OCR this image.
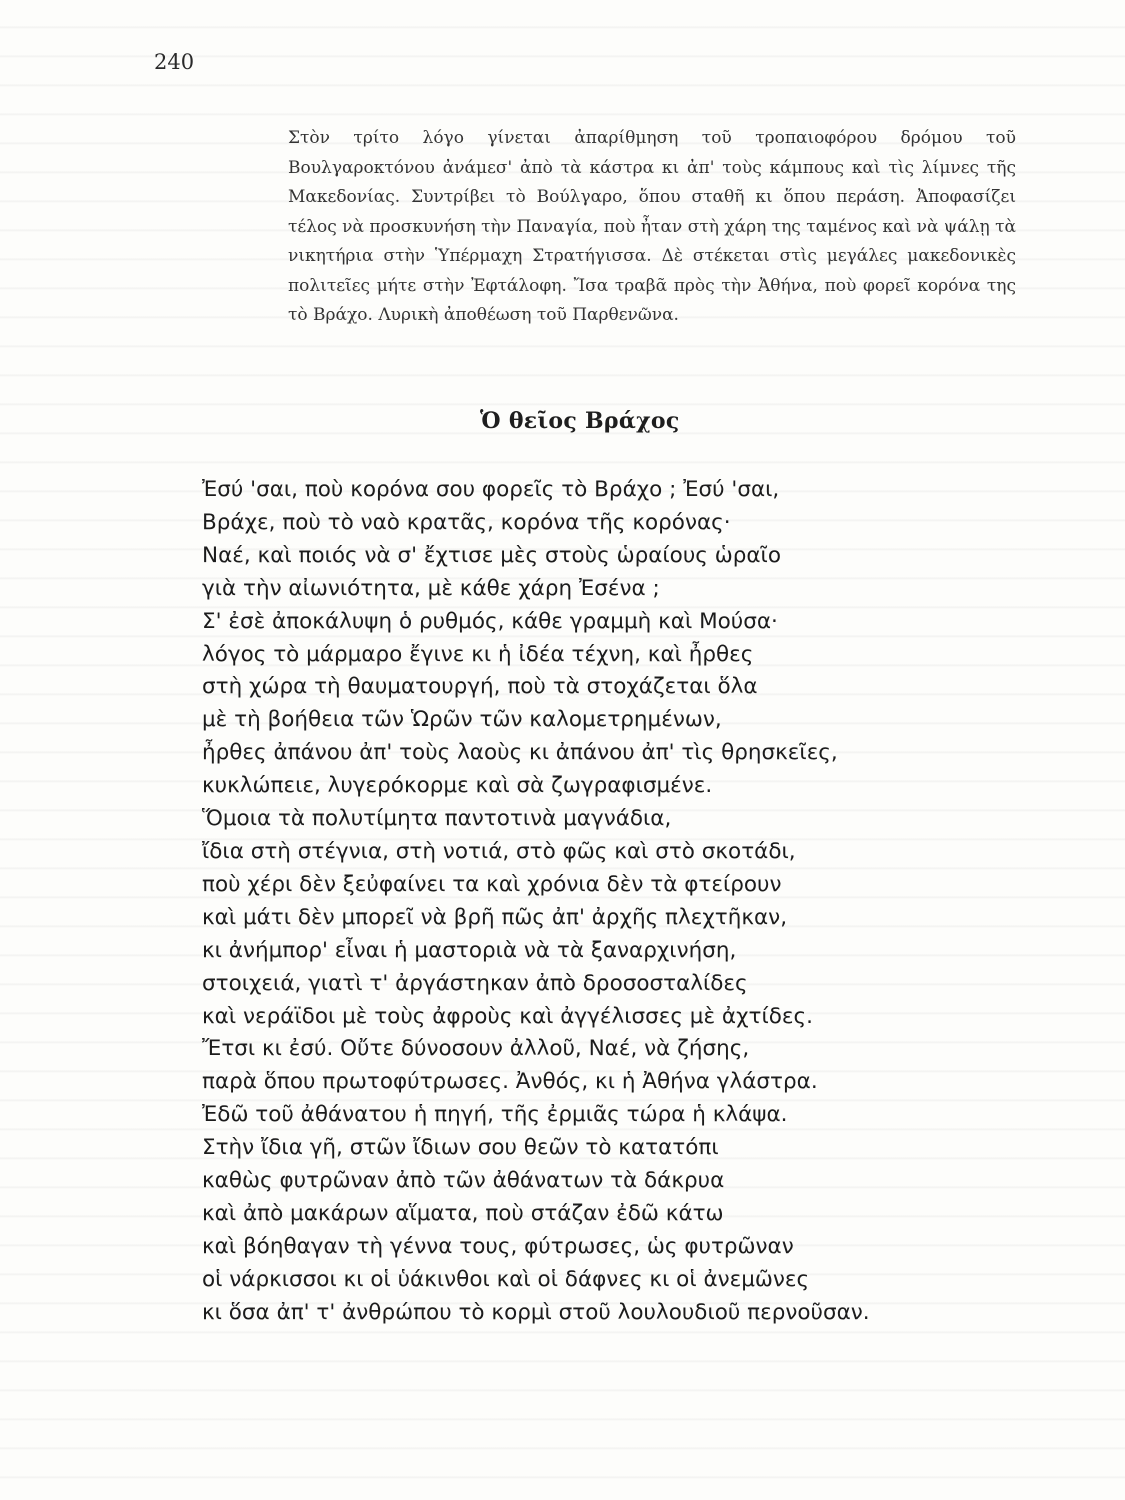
240

Στὸν τρίτο λόγο γίνεται ἀπαρίθμηση τοῦ τροπαιοφόρου δρόμου τοῦ Βουλγαροκτόνου ἀνάμεσ' ἀπὸ τὰ κάστρα κι ἀπ' τοὺς κάμπους καὶ τὶς λίμνες τῆς Μακεδονίας. Συντρίβει τὸ Βούλγαρο, ὅπου σταθῆ κι ὅπου περάση. Ἀποφασίζει τέλος νὰ προσκυνήση τὴν Παναγία, ποὺ ἦταν στὴ χάρη της ταμένος καὶ νὰ ψάλῃ τὰ νικητήρια στὴν Ὑπέρμαχη Στρατήγισσα. Δὲ στέκεται στὶς μεγάλες μακεδονικὲς πολιτεῖες μήτε στὴν Ἐφτάλοφη. Ἴσα τραβᾶ πρὸς τὴν Ἀθήνα, ποὺ φορεῖ κορόνα της τὸ Βράχο. Λυρικὴ ἀποθέωση τοῦ Παρθενῶνα.

Ὁ θεῖος Βράχος
Ἐσύ 'σαι, ποὺ κορόνα σου φορεῖς τὸ Βράχο ; Ἐσύ 'σαι,
Βράχε, ποὺ τὸ ναὸ κρατᾶς, κορόνα τῆς κορόνας·
Ναέ, καὶ ποιός νὰ σ' ἔχτισε μὲς στοὺς ὡραίους ὡραῖο
γιὰ τὴν αἰωνιότητα, μὲ κάθε χάρη Ἐσένα ;
Σ' ἐσὲ ἀποκάλυψη ὁ ρυθμός, κάθε γραμμὴ καὶ Μούσα·
λόγος τὸ μάρμαρο ἔγινε κι ἡ ἰδέα τέχνη, καὶ ἦρθες
στὴ χώρα τὴ θαυματουργή, ποὺ τὰ στοχάζεται ὅλα
μὲ τὴ βοήθεια τῶν Ὡρῶν τῶν καλομετρημένων,
ἦρθες ἀπάνου ἀπ' τοὺς λαοὺς κι ἀπάνου ἀπ' τὶς θρησκεῖες,
κυκλώπειε, λυγερόκορμε καὶ σὰ ζωγραφισμένε.
Ὅμοια τὰ πολυτίμητα παντοτινὰ μαγνάδια,
ἴδια στὴ στέγνια, στὴ νοτιά, στὸ φῶς καὶ στὸ σκοτάδι,
ποὺ χέρι δὲν ξεὐφαίνει τα καὶ χρόνια δὲν τὰ φτείρουν
καὶ μάτι δὲν μπορεῖ νὰ βρῆ πῶς ἀπ' ἀρχῆς πλεχτῆκαν,
κι ἀνήμπορ' εἶναι ἡ μαστοριὰ νὰ τὰ ξαναρχινήση,
στοιχειά, γιατὶ τ' ἀργάστηκαν ἀπὸ δροσοσταλίδες
καὶ νεράϊδοι μὲ τοὺς ἀφροὺς καὶ ἀγγέλισσες μὲ ἀχτίδες.
Ἔτσι κι ἐσύ. Οὔτε δύνοσουν ἀλλοῦ, Ναέ, νὰ ζήσης,
παρὰ ὅπου πρωτοφύτρωσες. Ἀνθός, κι ἡ Ἀθήνα γλάστρα.
Ἐδῶ τοῦ ἀθάνατου ἡ πηγή, τῆς ἐρμιᾶς τώρα ἡ κλάψα.
Στὴν ἴδια γῆ, στῶν ἴδιων σου θεῶν τὸ κατατόπι
καθὼς φυτρῶναν ἀπὸ τῶν ἀθάνατων τὰ δάκρυα
καὶ ἀπὸ μακάρων αἵματα, ποὺ στάζαν ἐδῶ κάτω
καὶ βόηθαγαν τὴ γέννα τους, φύτρωσες, ὡς φυτρῶναν
οἱ νάρκισσοι κι οἱ ὑάκινθοι καὶ οἱ δάφνες κι οἱ ἀνεμῶνες
κι ὅσα ἀπ' τ' ἀνθρώπου τὸ κορμὶ στοῦ λουλουδιοῦ περνοῦσαν.
